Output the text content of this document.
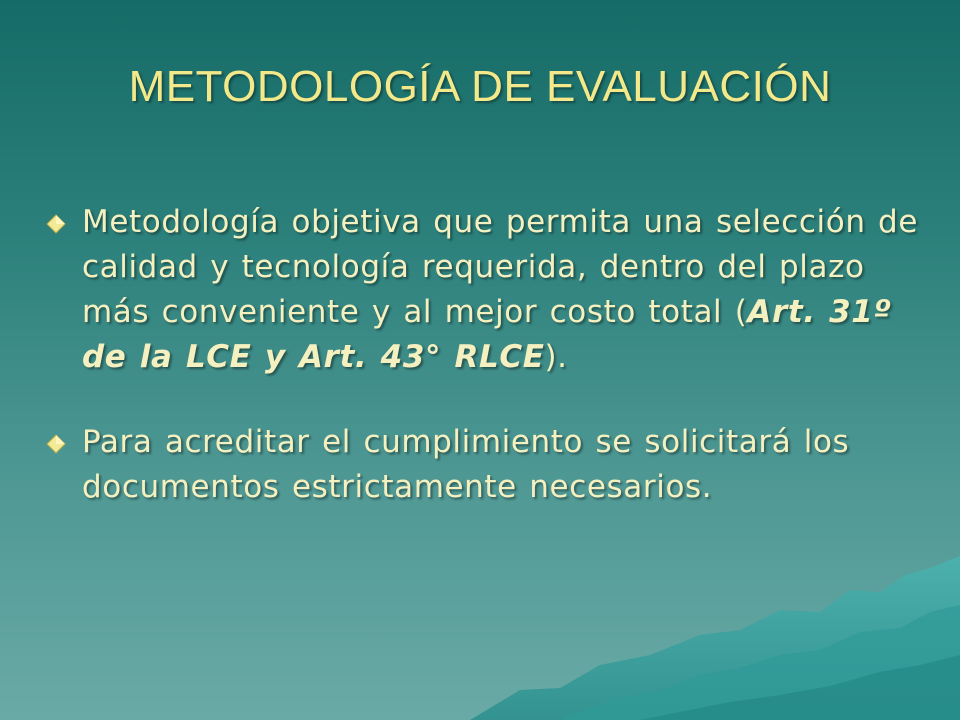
METODOLOGÍA DE EVALUACIÓN
Metodología objetiva que permita una selección de calidad y tecnología requerida, dentro del plazo más conveniente y al mejor costo total (Art. 31º de la LCE y Art. 43° RLCE).
Para acreditar el cumplimiento se solicitará los documentos estrictamente necesarios.
